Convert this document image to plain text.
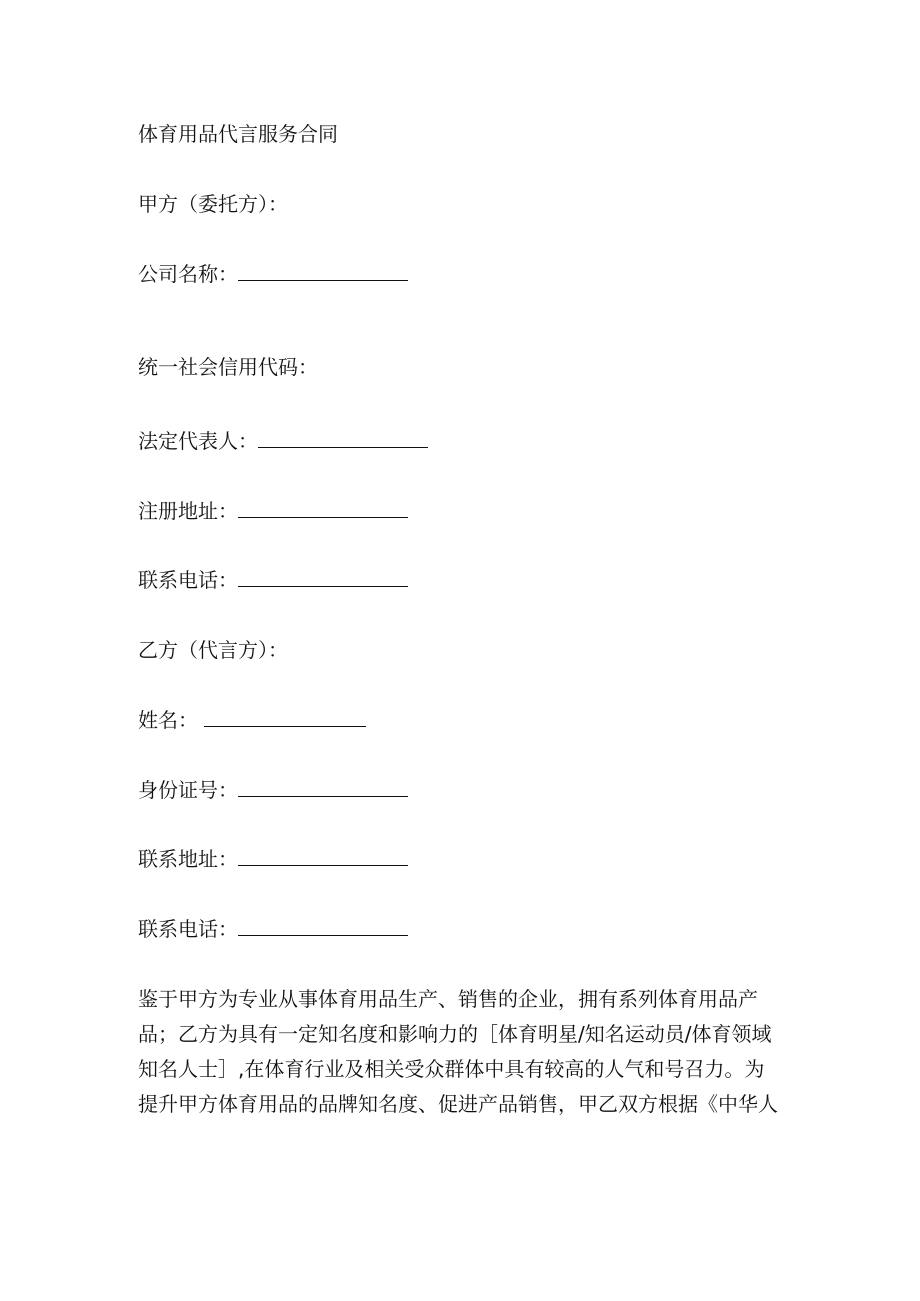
体育用品代言服务合同
甲方（委托方）：
公司名称：
统一社会信用代码：
法定代表人：
注册地址：
联系电话：
乙方（代言方）：
姓名：
身份证号：
联系地址：
联系电话：
鉴于甲方为专业从事体育用品生产、销售的企业，拥有系列体育用品产
品；乙方为具有一定知名度和影响力的［体育明星/知名运动员/体育领域
知名人士］,在体育行业及相关受众群体中具有较高的人气和号召力。为
提升甲方体育用品的品牌知名度、促进产品销售，甲乙双方根据《中华人
